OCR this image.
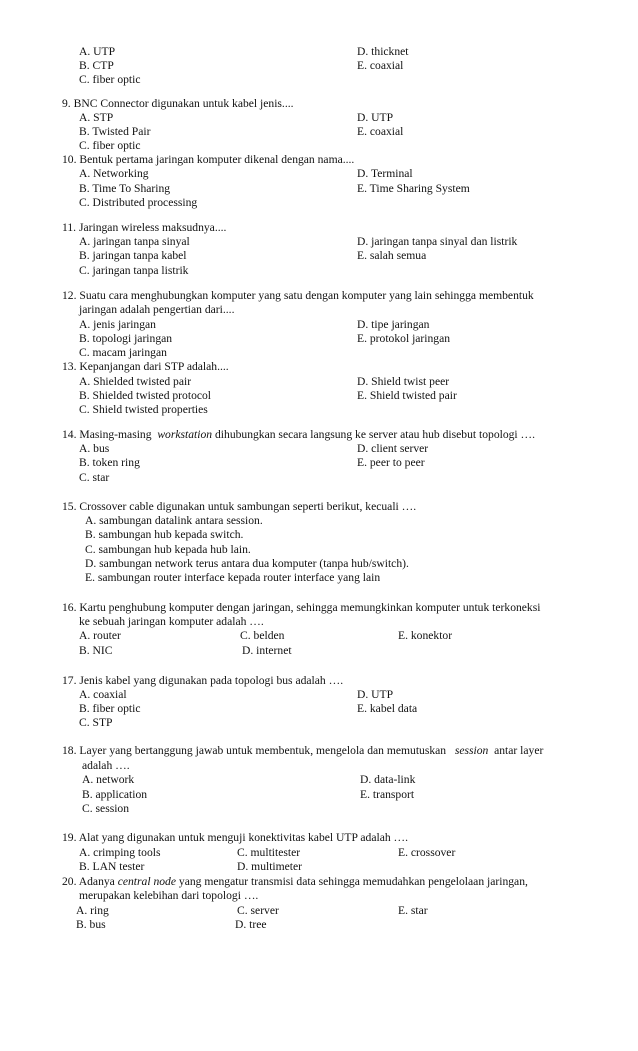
A. UTP	D. thicknet
B. CTP	E. coaxial
C. fiber optic
9. BNC Connector digunakan untuk kabel jenis....
A. STP	D. UTP
B. Twisted Pair	E. coaxial
C. fiber optic
10. Bentuk pertama jaringan komputer dikenal dengan nama....
A. Networking	D. Terminal
B. Time To Sharing	E. Time Sharing System
C. Distributed processing
11. Jaringan wireless maksudnya....
A. jaringan tanpa sinyal	D. jaringan tanpa sinyal dan listrik
B. jaringan tanpa kabel	E. salah semua
C. jaringan tanpa listrik
12. Suatu cara menghubungkan komputer yang satu dengan komputer yang lain sehingga membentuk
jaringan adalah pengertian dari....
A. jenis jaringan	D. tipe jaringan
B. topologi jaringan	E. protokol jaringan
C. macam jaringan
13. Kepanjangan dari STP adalah....
A. Shielded twisted pair	D. Shield twist peer
B. Shielded twisted protocol	E. Shield twisted pair
C. Shield twisted properties
14. Masing-masing workstation dihubungkan secara langsung ke server atau hub disebut topologi ….
A. bus	D. client server
B. token ring	E. peer to peer
C. star
15. Crossover cable digunakan untuk sambungan seperti berikut, kecuali ….
A. sambungan datalink antara session.
B. sambungan hub kepada switch.
C. sambungan hub kepada hub lain.
D. sambungan network terus antara dua komputer (tanpa hub/switch).
E. sambungan router interface kepada router interface yang lain
16. Kartu penghubung komputer dengan jaringan, sehingga memungkinkan komputer untuk terkoneksi
ke sebuah jaringan komputer adalah ….
A. router	C. belden	E. konektor
B. NIC	D. internet
17. Jenis kabel yang digunakan pada topologi bus adalah ….
A. coaxial	D. UTP
B. fiber optic	E. kabel data
C. STP
18. Layer yang bertanggung jawab untuk membentuk, mengelola dan memutuskan session antar layer
adalah ….
A. network	D. data-link
B. application	E. transport
C. session
19. Alat yang digunakan untuk menguji konektivitas kabel UTP adalah ….
A. crimping tools	C. multitester	E. crossover
B. LAN tester	D. multimeter
20. Adanya central node yang mengatur transmisi data sehingga memudahkan pengelolaan jaringan,
merupakan kelebihan dari topologi ….
A. ring	C. server	E. star
B. bus	D. tree
